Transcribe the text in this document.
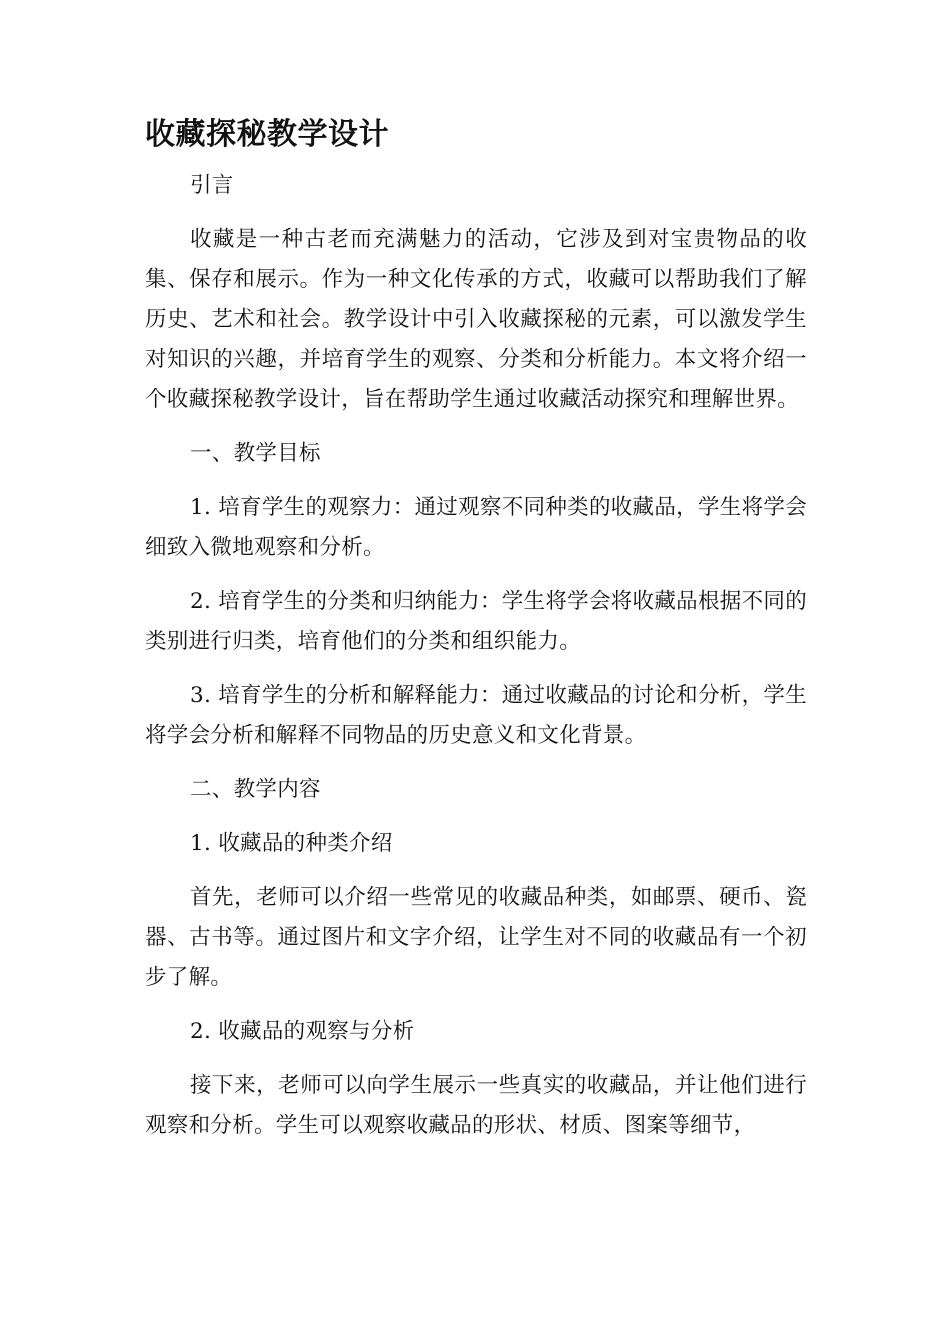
收藏探秘教学设计

引言

收藏是一种古老而充满魅力的活动，它涉及到对宝贵物品的收集、保存和展示。作为一种文化传承的方式，收藏可以帮助我们了解历史、艺术和社会。教学设计中引入收藏探秘的元素，可以激发学生对知识的兴趣，并培育学生的观察、分类和分析能力。本文将介绍一个收藏探秘教学设计，旨在帮助学生通过收藏活动探究和理解世界。

一、教学目标

1. 培育学生的观察力：通过观察不同种类的收藏品，学生将学会细致入微地观察和分析。

2. 培育学生的分类和归纳能力：学生将学会将收藏品根据不同的类别进行归类，培育他们的分类和组织能力。

3. 培育学生的分析和解释能力：通过收藏品的讨论和分析，学生将学会分析和解释不同物品的历史意义和文化背景。

二、教学内容

1. 收藏品的种类介绍

首先，老师可以介绍一些常见的收藏品种类，如邮票、硬币、瓷器、古书等。通过图片和文字介绍，让学生对不同的收藏品有一个初步了解。

2. 收藏品的观察与分析

接下来，老师可以向学生展示一些真实的收藏品，并让他们进行观察和分析。学生可以观察收藏品的形状、材质、图案等细节，
